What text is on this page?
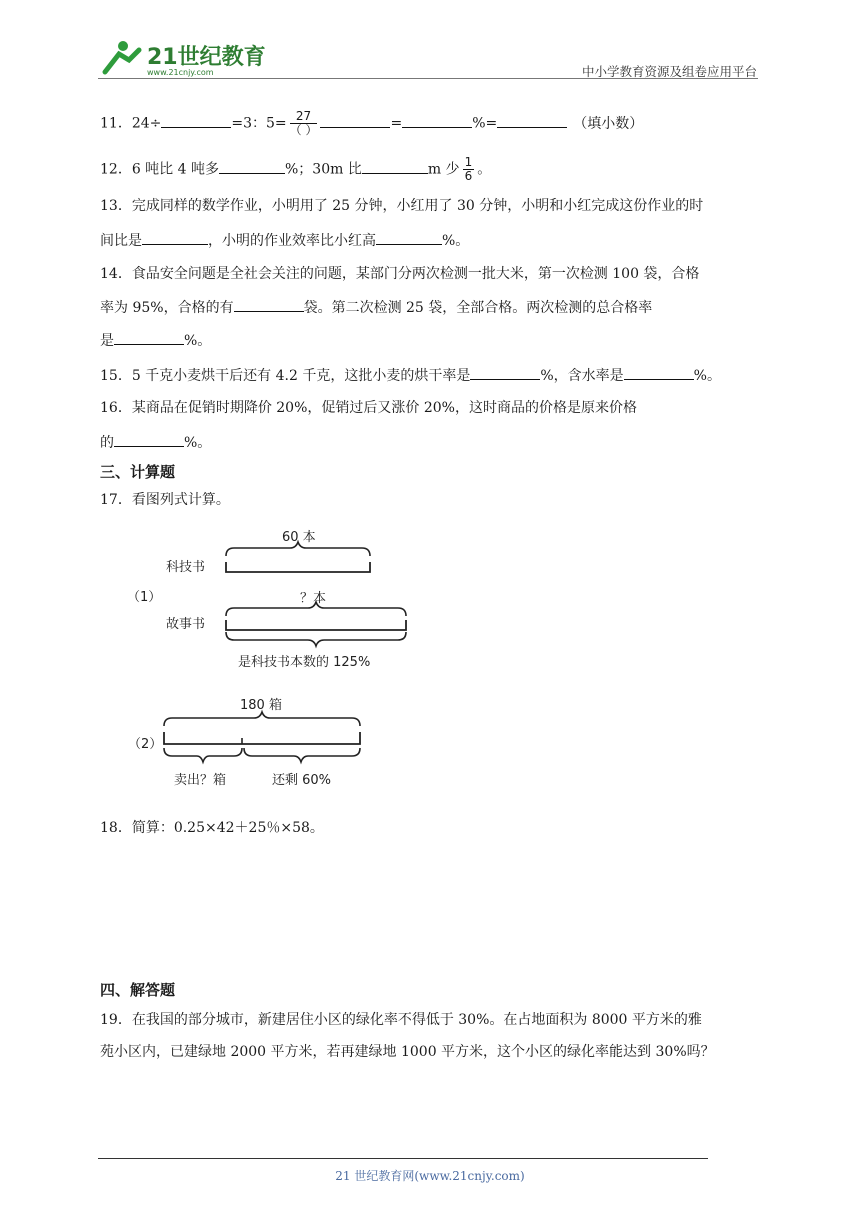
21世纪教育
www.21cnjy.com	中小学教育资源及组卷应用平台
11．24÷	=3：$5= \frac{27}{( )}$	=	%=	（填小数）
12．6 吨比 4 吨多	%；30m 比	m 少 $\frac{1}{6}$ 。
13．完成同样的数学作业，小明用了 25 分钟，小红用了 30 分钟，小明和小红完成这份作业的时
间比是	，小明的作业效率比小红高	%。
14．食品安全问题是全社会关注的问题，某部门分两次检测一批大米，第一次检测 100 袋，合格
率为 95%，合格的有	袋。第二次检测 25 袋，全部合格。两次检测的总合格率
是	%。
15．5 千克小麦烘干后还有 4.2 千克，这批小麦的烘干率是	%，含水率是	%。
16．某商品在促销时期降价 20%，促销过后又涨价 20%，这时商品的价格是原来价格
的	%。
三、计算题
17．看图列式计算。
（1）
60 本
科技书
？本
故事书
是科技书本数的 125%
（2）
180 箱
卖出？箱	还剩 60%
18．简算：0.25×42＋25％×58。
四、解答题
19．在我国的部分城市，新建居住小区的绿化率不得低于 30%。在占地面积为 8000 平方米的雅
苑小区内，已建绿地 2000 平方米，若再建绿地 1000 平方米，这个小区的绿化率能达到 30%吗？
21 世纪教育网(www.21cnjy.com)
